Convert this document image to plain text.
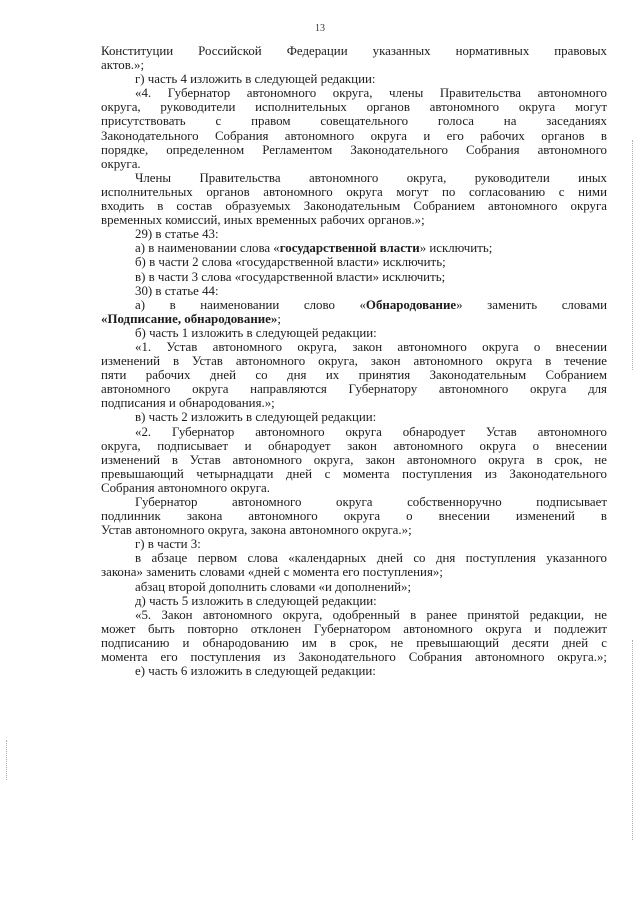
13
Конституции Российской Федерации указанных нормативных правовых
актов.»;
г) часть 4 изложить в следующей редакции:
«4. Губернатор автономного округа, члены Правительства автономного
округа, руководители исполнительных органов автономного округа могут
присутствовать с правом совещательного голоса на заседаниях
Законодательного Собрания автономного округа и его рабочих органов в
порядке, определенном Регламентом Законодательного Собрания автономного
округа.
Члены Правительства автономного округа, руководители иных
исполнительных органов автономного округа могут по согласованию с ними
входить в состав образуемых Законодательным Собранием автономного округа
временных комиссий, иных временных рабочих органов.»;
29) в статье 43:
а) в наименовании слова «государственной власти» исключить;
б) в части 2 слова «государственной власти» исключить;
в) в части 3 слова «государственной власти» исключить;
30) в статье 44:
а) в наименовании слово «Обнародование» заменить словами
«Подписание, обнародование»;
б) часть 1 изложить в следующей редакции:
«1. Устав автономного округа, закон автономного округа о внесении
изменений в Устав автономного округа, закон автономного округа в течение
пяти рабочих дней со дня их принятия Законодательным Собранием
автономного округа направляются Губернатору автономного округа для
подписания и обнародования.»;
в) часть 2 изложить в следующей редакции:
«2. Губернатор автономного округа обнародует Устав автономного
округа, подписывает и обнародует закон автономного округа о внесении
изменений в Устав автономного округа, закон автономного округа в срок, не
превышающий четырнадцати дней с момента поступления из Законодательного
Собрания автономного округа.
Губернатор автономного округа собственноручно подписывает
подлинник закона автономного округа о внесении изменений в
Устав автономного округа, закона автономного округа.»;
г) в части 3:
в абзаце первом слова «календарных дней со дня поступления указанного
закона» заменить словами «дней с момента его поступления»;
абзац второй дополнить словами «и дополнений»;
д) часть 5 изложить в следующей редакции:
«5. Закон автономного округа, одобренный в ранее принятой редакции, не
может быть повторно отклонен Губернатором автономного округа и подлежит
подписанию и обнародованию им в срок, не превышающий десяти дней с
момента его поступления из Законодательного Собрания автономного округа.»;
е) часть 6 изложить в следующей редакции:
